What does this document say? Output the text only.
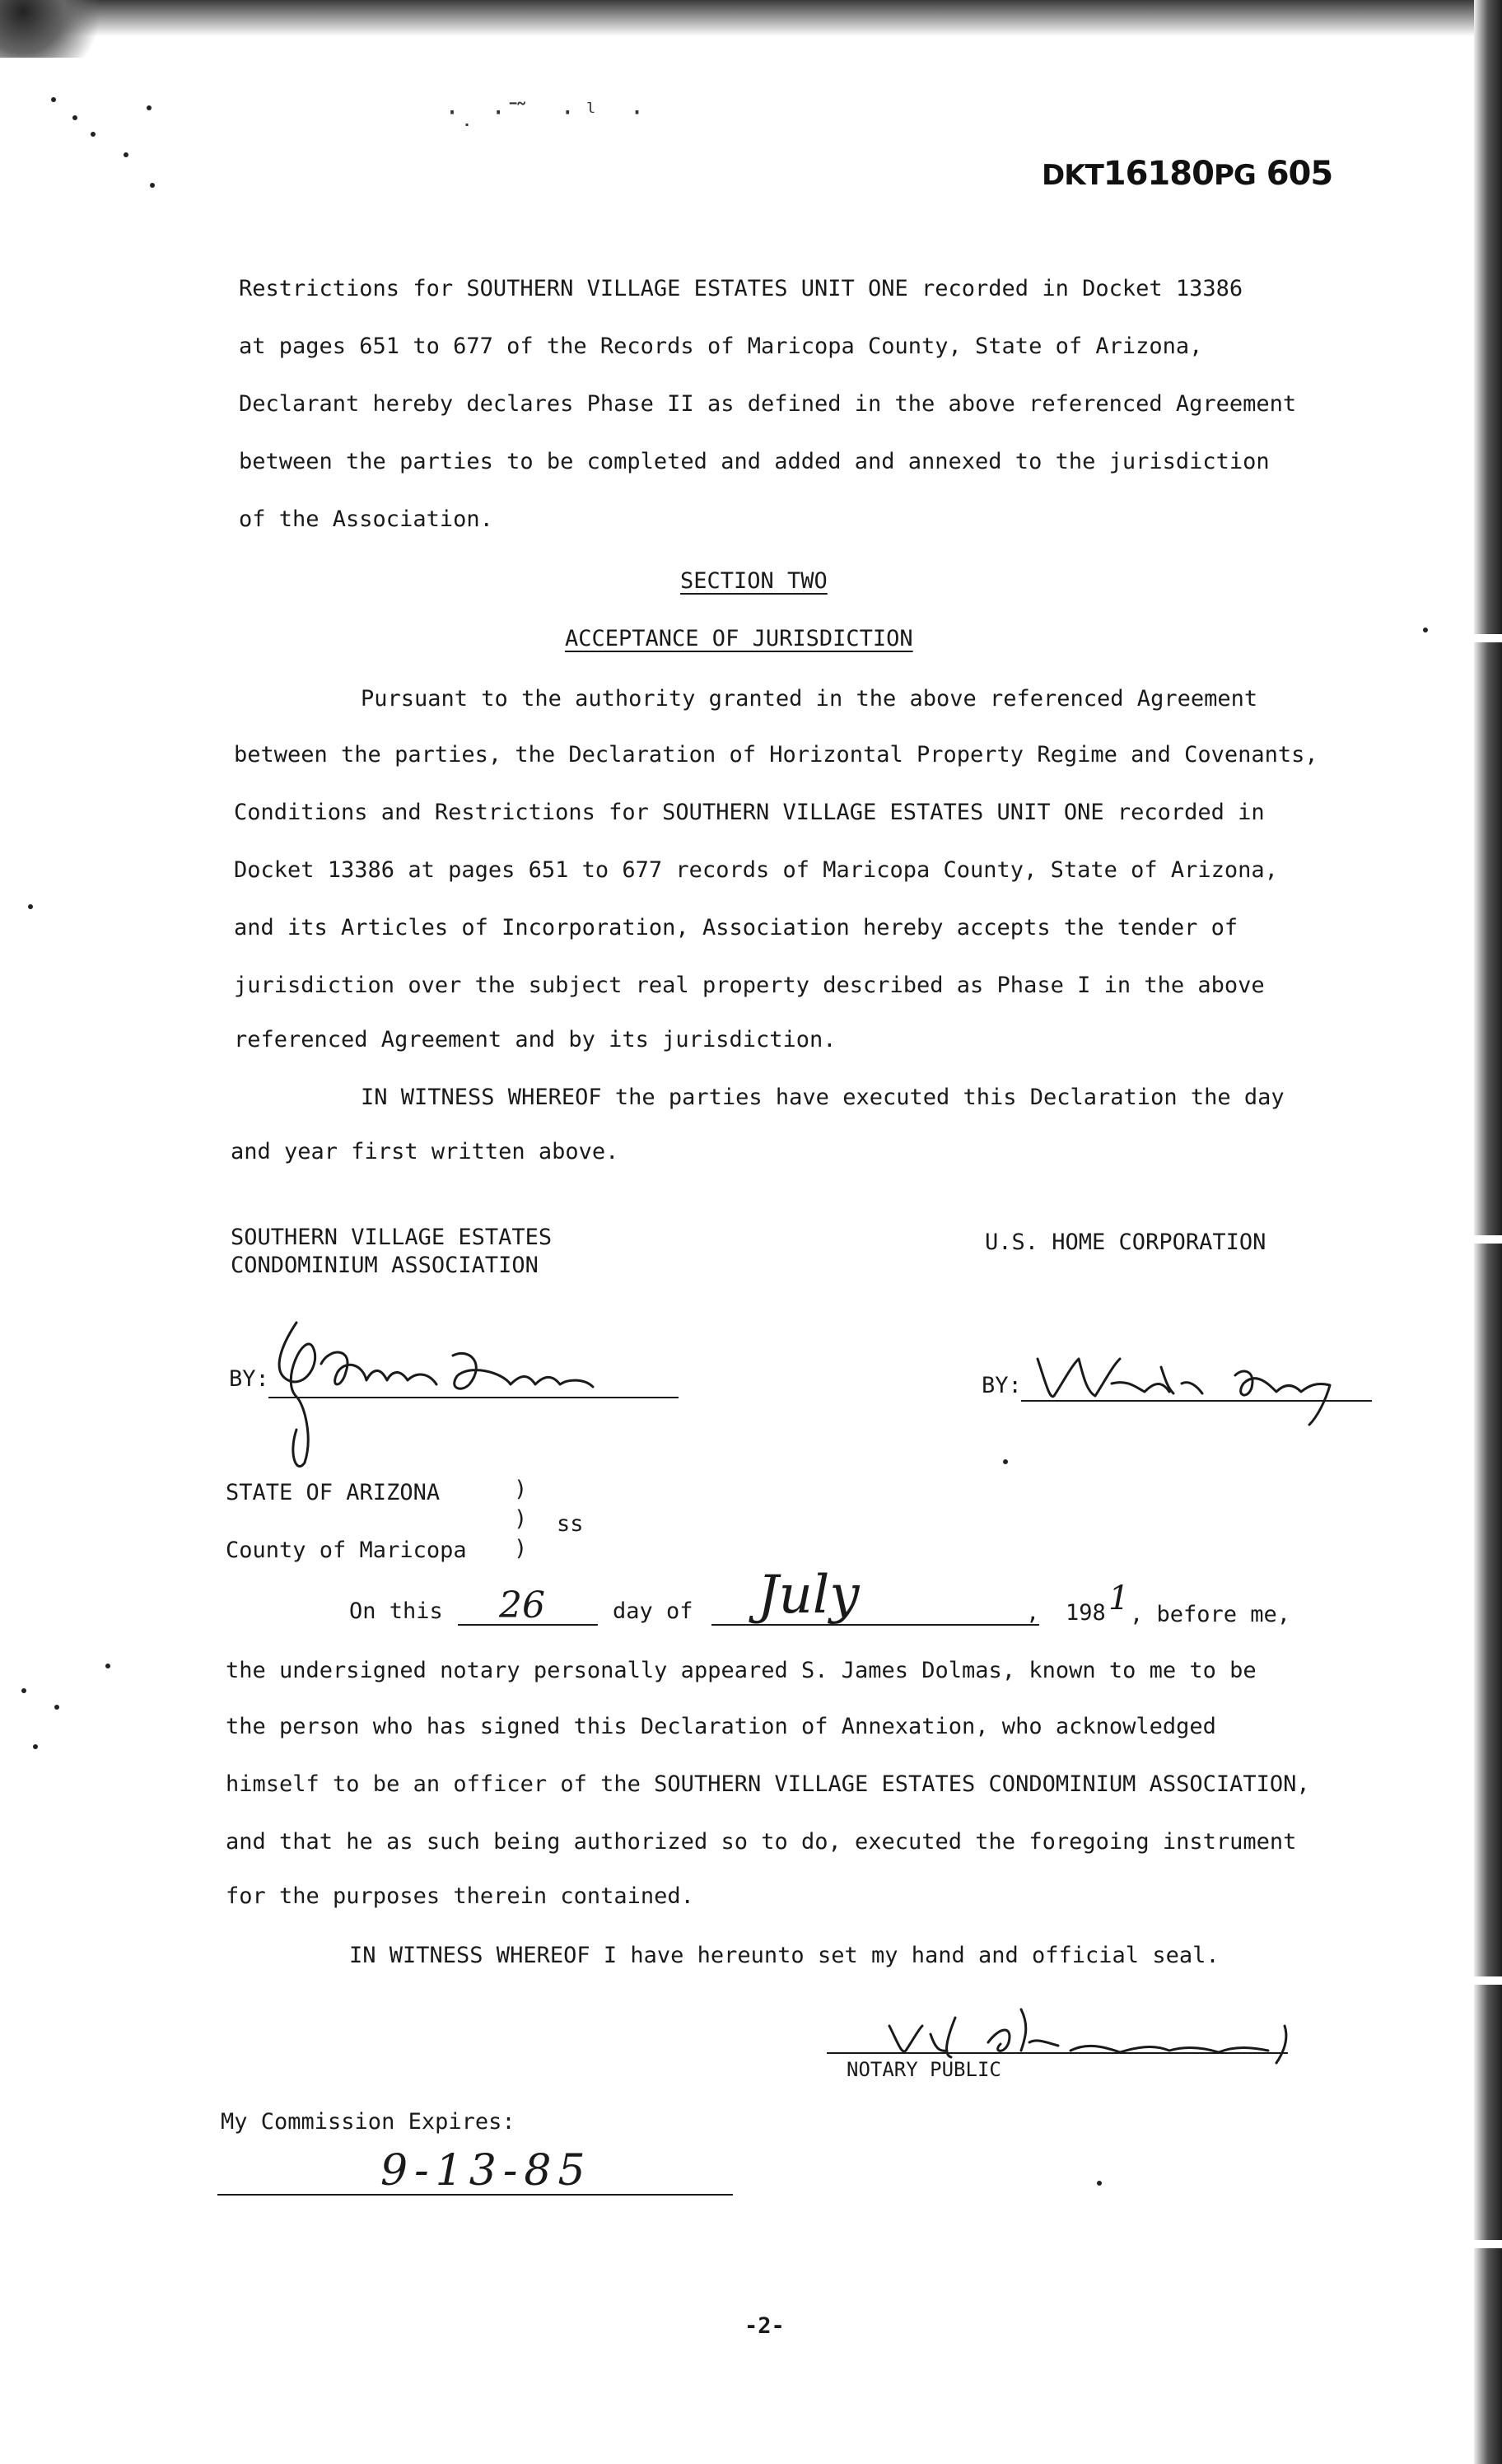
·̣ ·̄˜ ·ˡ ·
DKT16180PG 605
Restrictions for SOUTHERN VILLAGE ESTATES UNIT ONE recorded in Docket 13386
at pages 651 to 677 of the Records of Maricopa County, State of Arizona,
Declarant hereby declares Phase II as defined in the above referenced Agreement
between the parties to be completed and added and annexed to the jurisdiction
of the Association.
SECTION TWO
ACCEPTANCE OF JURISDICTION
Pursuant to the authority granted in the above referenced Agreement
between the parties, the Declaration of Horizontal Property Regime and Covenants,
Conditions and Restrictions for SOUTHERN VILLAGE ESTATES UNIT ONE recorded in
Docket 13386 at pages 651 to 677 records of Maricopa County, State of Arizona,
and its Articles of Incorporation, Association hereby accepts the tender of
jurisdiction over the subject real property described as Phase I in the above
referenced Agreement and by its jurisdiction.
IN WITNESS WHEREOF the parties have executed this Declaration the day
and year first written above.
SOUTHERN VILLAGE ESTATES
CONDOMINIUM ASSOCIATION
U.S. HOME CORPORATION
BY:	BY:
STATE OF ARIZONA	)
) ss
)
County of Maricopa
On this 26	day of July	, 198 1 , before me,
the undersigned notary personally appeared S. James Dolmas, known to me to be
the person who has signed this Declaration of Annexation, who acknowledged
himself to be an officer of the SOUTHERN VILLAGE ESTATES CONDOMINIUM ASSOCIATION,
and that he as such being authorized so to do, executed the foregoing instrument
for the purposes therein contained.
IN WITNESS WHEREOF I have hereunto set my hand and official seal.
NOTARY PUBLIC
My Commission Expires:
9-13-85
-2-
